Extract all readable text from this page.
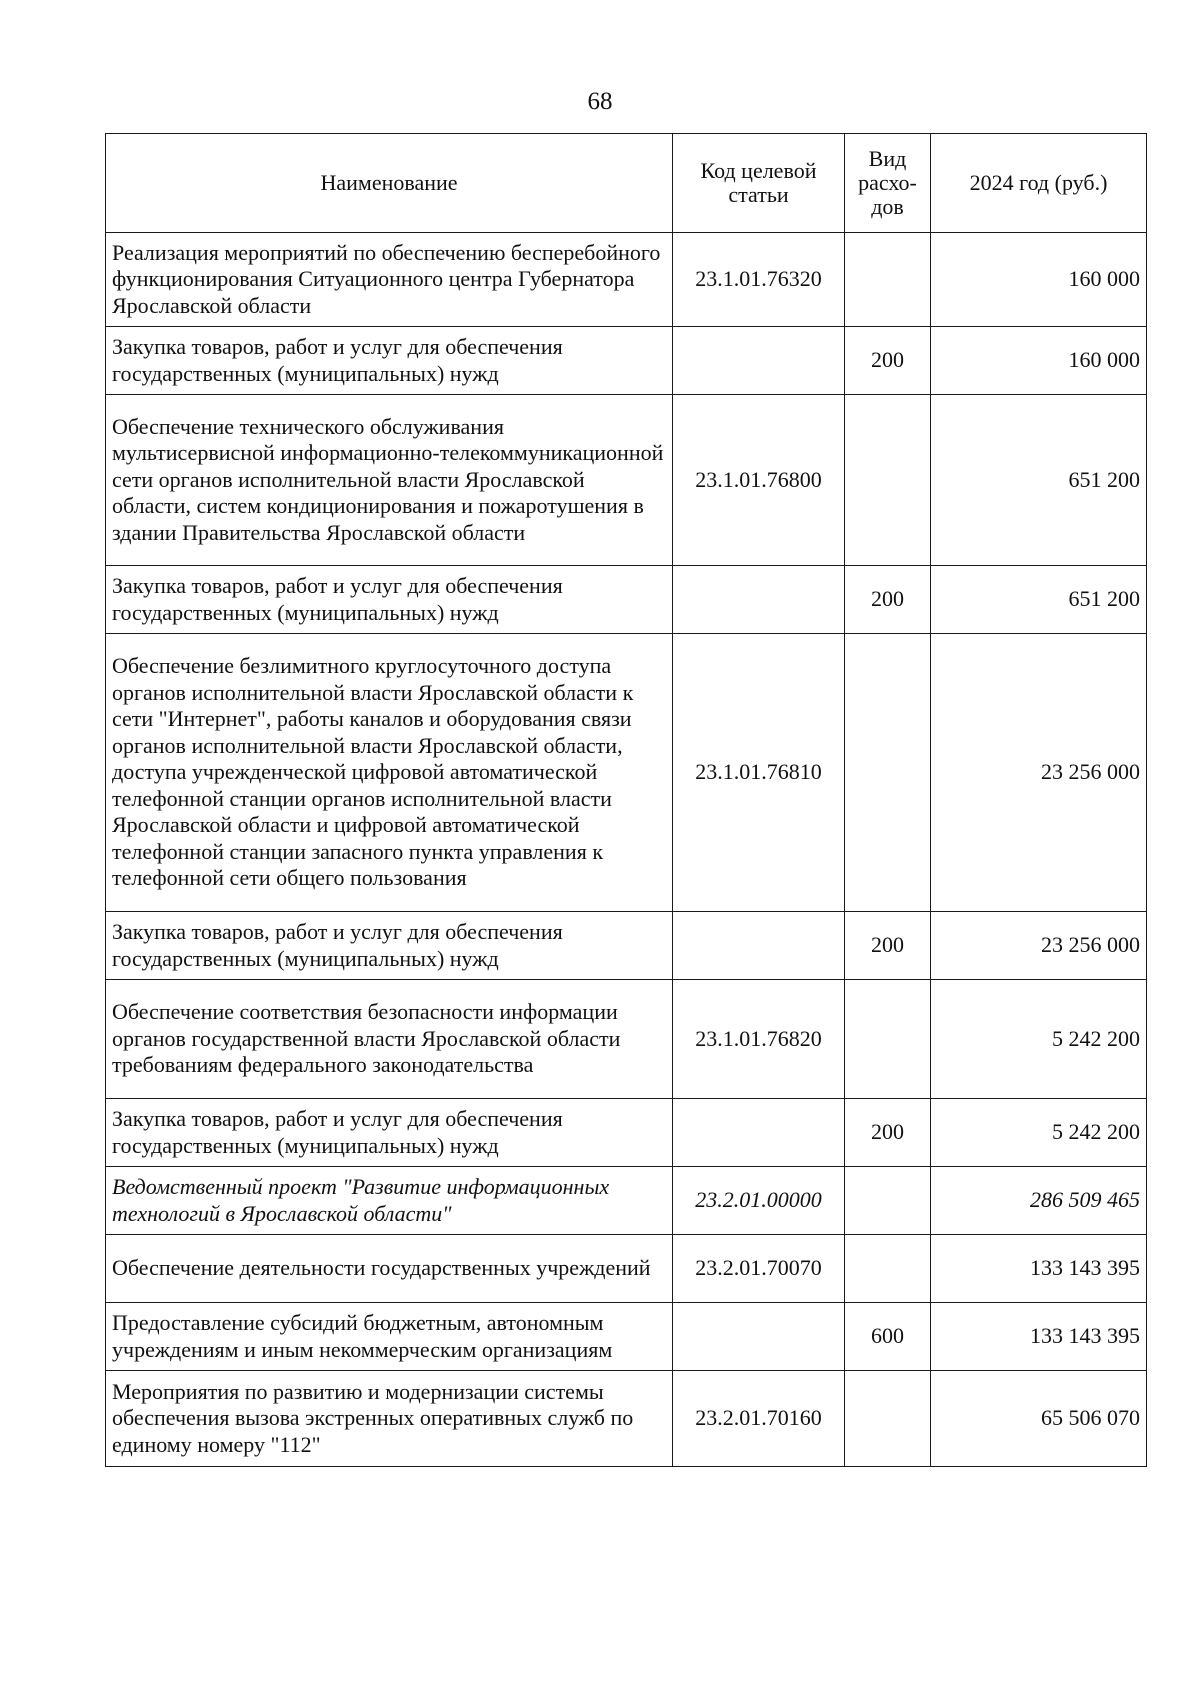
68
Наименование	Код целевой статьи	Вид расхо-дов	2024 год (руб.)
Реализация мероприятий по обеспечению бесперебойного функционирования Ситуационного центра Губернатора Ярославской области	23.1.01.76320		160 000
Закупка товаров, работ и услуг для обеспечения государственных (муниципальных) нужд		200	160 000
Обеспечение технического обслуживания мультисервисной информационно-телекоммуникационной сети органов исполнительной власти Ярославской области, систем кондиционирования и пожаротушения в здании Правительства Ярославской области	23.1.01.76800		651 200
Закупка товаров, работ и услуг для обеспечения государственных (муниципальных) нужд		200	651 200
Обеспечение безлимитного круглосуточного доступа органов исполнительной власти Ярославской области к сети "Интернет", работы каналов и оборудования связи органов исполнительной власти Ярославской области, доступа учрежденческой цифровой автоматической телефонной станции органов исполнительной власти Ярославской области и цифровой автоматической телефонной станции запасного пункта управления к телефонной сети общего пользования	23.1.01.76810		23 256 000
Закупка товаров, работ и услуг для обеспечения государственных (муниципальных) нужд		200	23 256 000
Обеспечение соответствия безопасности информации органов государственной власти Ярославской области требованиям федерального законодательства	23.1.01.76820		5 242 200
Закупка товаров, работ и услуг для обеспечения государственных (муниципальных) нужд		200	5 242 200
Ведомственный проект "Развитие информационных технологий в Ярославской области"	23.2.01.00000		286 509 465
Обеспечение деятельности государственных учреждений	23.2.01.70070		133 143 395
Предоставление субсидий бюджетным, автономным учреждениям и иным некоммерческим организациям		600	133 143 395
Мероприятия по развитию и модернизации системы обеспечения вызова экстренных оперативных служб по единому номеру "112"	23.2.01.70160		65 506 070
